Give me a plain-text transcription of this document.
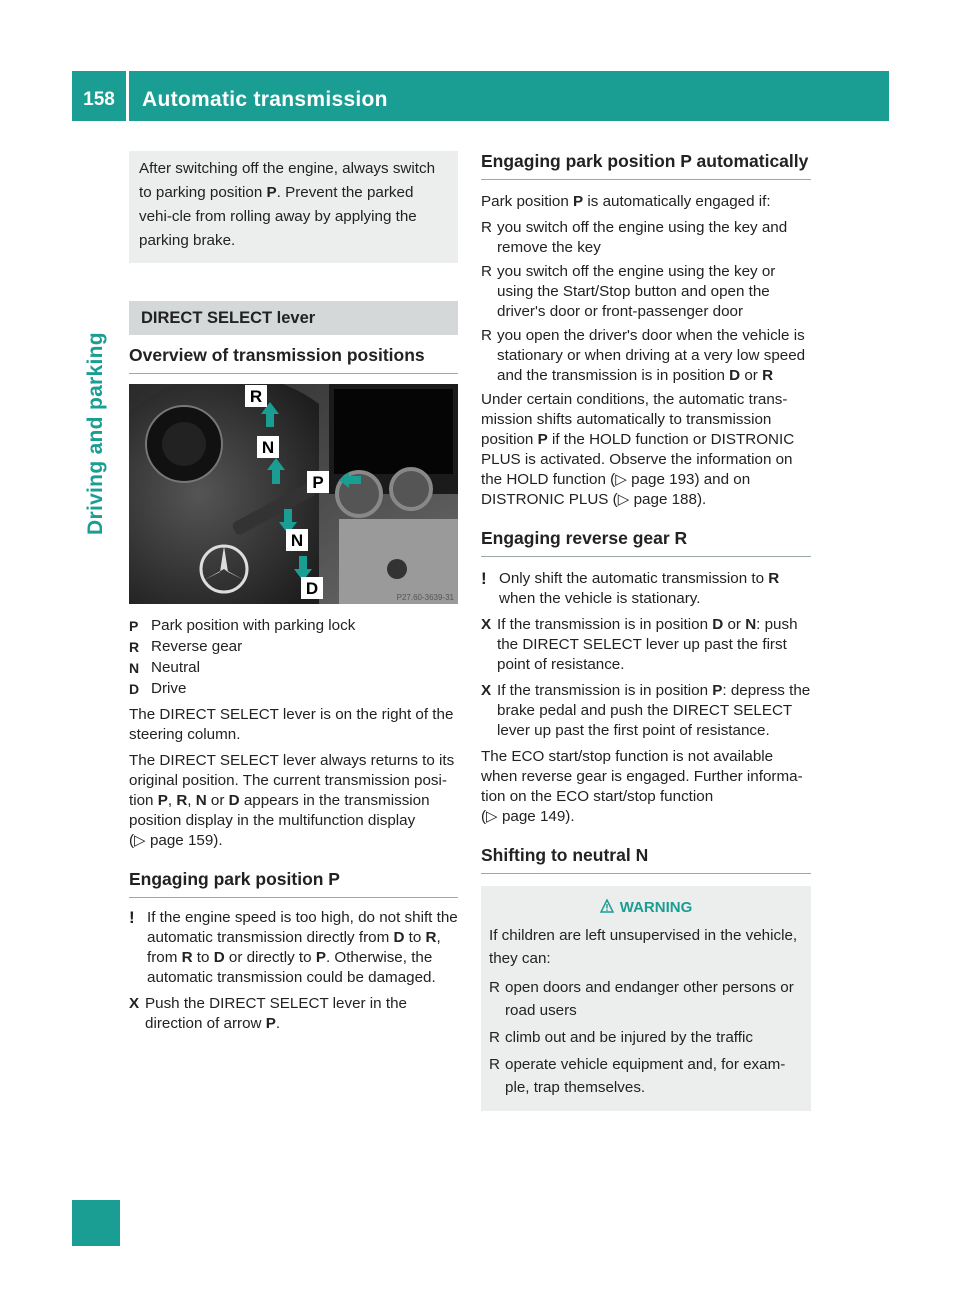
158	Automatic transmission
Driving and parking
After switching off the engine, always switch to parking position P. Prevent the parked vehi-cle from rolling away by applying the parking brake.
DIRECT SELECT lever
Overview of transmission positions
R
N
P
N
D	P27.60-3639-31
P Park position with parking lock
R Reverse gear
N Neutral
D Drive

The DIRECT SELECT lever is on the right of the steering column.

The DIRECT SELECT lever always returns to its original position. The current transmission posi-tion P, R, N or D appears in the transmission position display in the multifunction display
(▷ page 159).

Engaging park position P
! If the engine speed is too high, do not shift the automatic transmission directly from D to R, from R to D or directly to P. Otherwise, the automatic transmission could be damaged.
X Push the DIRECT SELECT lever in the direction of arrow P.
Engaging park position P automatically

Park position P is automatically engaged if:

R you switch off the engine using the key and remove the key
R you switch off the engine using the key or using the Start/Stop button and open the driver's door or front-passenger door
R you open the driver's door when the vehicle is stationary or when driving at a very low speed and the transmission is in position D or R

Under certain conditions, the automatic trans-mission shifts automatically to transmission position P if the HOLD function or DISTRONIC PLUS is activated. Observe the information on the HOLD function (▷ page 193) and on DISTRONIC PLUS (▷ page 188).

Engaging reverse gear R
! Only shift the automatic transmission to R when the vehicle is stationary.
X If the transmission is in position D or N: push the DIRECT SELECT lever up past the first point of resistance.
X If the transmission is in position P: depress the brake pedal and push the DIRECT SELECT lever up past the first point of resistance.

The ECO start/stop function is not available when reverse gear is engaged. Further informa-tion on the ECO start/stop function
(▷ page 149).

Shifting to neutral N
WARNING

If children are left unsupervised in the vehicle, they can:

R open doors and endanger other persons or road users
R climb out and be injured by the traffic
R operate vehicle equipment and, for exam-ple, trap themselves.
